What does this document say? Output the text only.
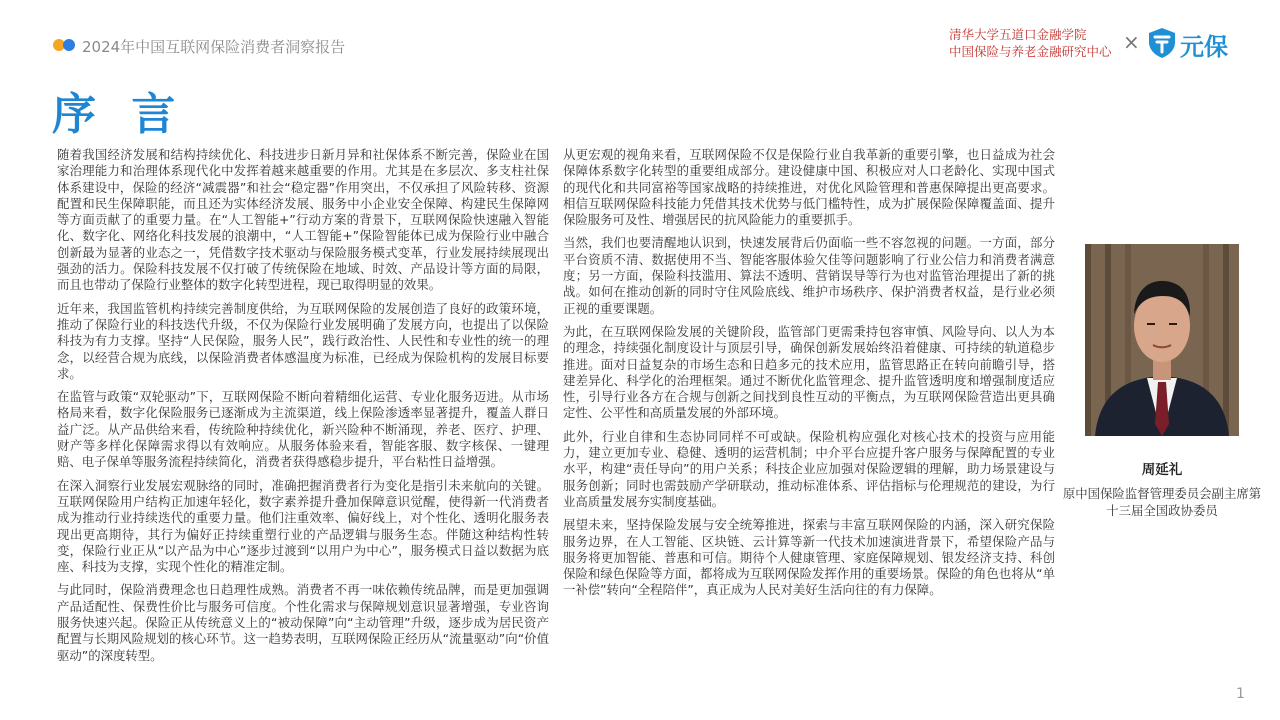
2024年中国互联网保险消费者洞察报告
清华大学五道口金融学院
中国保险与养老金融研究中心 × 元保
序 言

随着我国经济发展和结构持续优化、科技进步日新月异和社保体系不断完善，保险业在国家治理能力和治理体系现代化中发挥着越来越重要的作用。尤其是在多层次、多支柱社保体系建设中，保险的经济“减震器”和社会“稳定器”作用突出，不仅承担了风险转移、资源配置和民生保障职能，而且还为实体经济发展、服务中小企业安全保障、构建民生保障网等方面贡献了的重要力量。在“人工智能+”行动方案的背景下，互联网保险快速融入智能化、数字化、网络化科技发展的浪潮中，“人工智能+”保险智能体已成为保险行业中融合创新最为显著的业态之一，凭借数字技术驱动与保险服务模式变革，行业发展持续展现出强劲的活力。保险科技发展不仅打破了传统保险在地域、时效、产品设计等方面的局限，而且也带动了保险行业整体的数字化转型进程，现已取得明显的效果。

近年来，我国监管机构持续完善制度供给，为互联网保险的发展创造了良好的政策环境，推动了保险行业的科技迭代升级，不仅为保险行业发展明确了发展方向，也提出了以保险科技为有力支撑。坚持“人民保险，服务人民”，践行政治性、人民性和专业性的统一的理念，以经营合规为底线，以保险消费者体感温度为标准，已经成为保险机构的发展目标要求。

在监管与政策“双轮驱动”下，互联网保险不断向着精细化运营、专业化服务迈进。从市场格局来看，数字化保险服务已逐渐成为主流渠道，线上保险渗透率显著提升，覆盖人群日益广泛。从产品供给来看，传统险种持续优化，新兴险种不断涌现，养老、医疗、护理、财产等多样化保障需求得以有效响应。从服务体验来看，智能客服、数字核保、一键理赔、电子保单等服务流程持续简化，消费者获得感稳步提升，平台粘性日益增强。

在深入洞察行业发展宏观脉络的同时，准确把握消费者行为变化是指引未来航向的关键。互联网保险用户结构正加速年轻化，数字素养提升叠加保障意识觉醒，使得新一代消费者成为推动行业持续迭代的重要力量。他们注重效率、偏好线上，对个性化、透明化服务表现出更高期待，其行为偏好正持续重塑行业的产品逻辑与服务生态。伴随这种结构性转变，保险行业正从“以产品为中心”逐步过渡到“以用户为中心”，服务模式日益以数据为底座、科技为支撑，实现个性化的精准定制。

与此同时，保险消费理念也日趋理性成熟。消费者不再一味依赖传统品牌，而是更加强调产品适配性、保费性价比与服务可信度。个性化需求与保障规划意识显著增强，专业咨询服务快速兴起。保险正从传统意义上的“被动保障”向“主动管理”升级，逐步成为居民资产配置与长期风险规划的核心环节。这一趋势表明，互联网保险正经历从“流量驱动”向“价值驱动”的深度转型。

从更宏观的视角来看，互联网保险不仅是保险行业自我革新的重要引擎，也日益成为社会保障体系数字化转型的重要组成部分。建设健康中国、积极应对人口老龄化、实现中国式的现代化和共同富裕等国家战略的持续推进，对优化风险管理和普惠保障提出更高要求。相信互联网保险科技能力凭借其技术优势与低门槛特性，成为扩展保险保障覆盖面、提升保险服务可及性、增强居民的抗风险能力的重要抓手。

当然，我们也要清醒地认识到，快速发展背后仍面临一些不容忽视的问题。一方面，部分平台资质不清、数据使用不当、智能客服体验欠佳等问题影响了行业公信力和消费者满意度；另一方面，保险科技滥用、算法不透明、营销误导等行为也对监管治理提出了新的挑战。如何在推动创新的同时守住风险底线、维护市场秩序、保护消费者权益，是行业必须正视的重要课题。

为此，在互联网保险发展的关键阶段，监管部门更需秉持包容审慎、风险导向、以人为本的理念，持续强化制度设计与顶层引导，确保创新发展始终沿着健康、可持续的轨道稳步推进。面对日益复杂的市场生态和日趋多元的技术应用，监管思路正在转向前瞻引导，搭建差异化、科学化的治理框架。通过不断优化监管理念、提升监管透明度和增强制度适应性，引导行业各方在合规与创新之间找到良性互动的平衡点，为互联网保险营造出更具确定性、公平性和高质量发展的外部环境。

此外，行业自律和生态协同同样不可或缺。保险机构应强化对核心技术的投资与应用能力，建立更加专业、稳健、透明的运营机制；中介平台应提升客户服务与保障配置的专业水平，构建“责任导向”的用户关系；科技企业应加强对保险逻辑的理解，助力场景建设与服务创新；同时也需鼓励产学研联动，推动标准体系、评估指标与伦理规范的建设，为行业高质量发展夯实制度基础。

展望未来，坚持保险发展与安全统筹推进，探索与丰富互联网保险的内涵，深入研究保险服务边界，在人工智能、区块链、云计算等新一代技术加速演进背景下，希望保险产品与服务将更加智能、普惠和可信。期待个人健康管理、家庭保障规划、银发经济支持、科创保险和绿色保险等方面，都将成为互联网保险发挥作用的重要场景。保险的角色也将从“单一补偿”转向“全程陪伴”，真正成为人民对美好生活向往的有力保障。

周延礼
原中国保险监督管理委员会副主席第十三届全国政协委员
1
